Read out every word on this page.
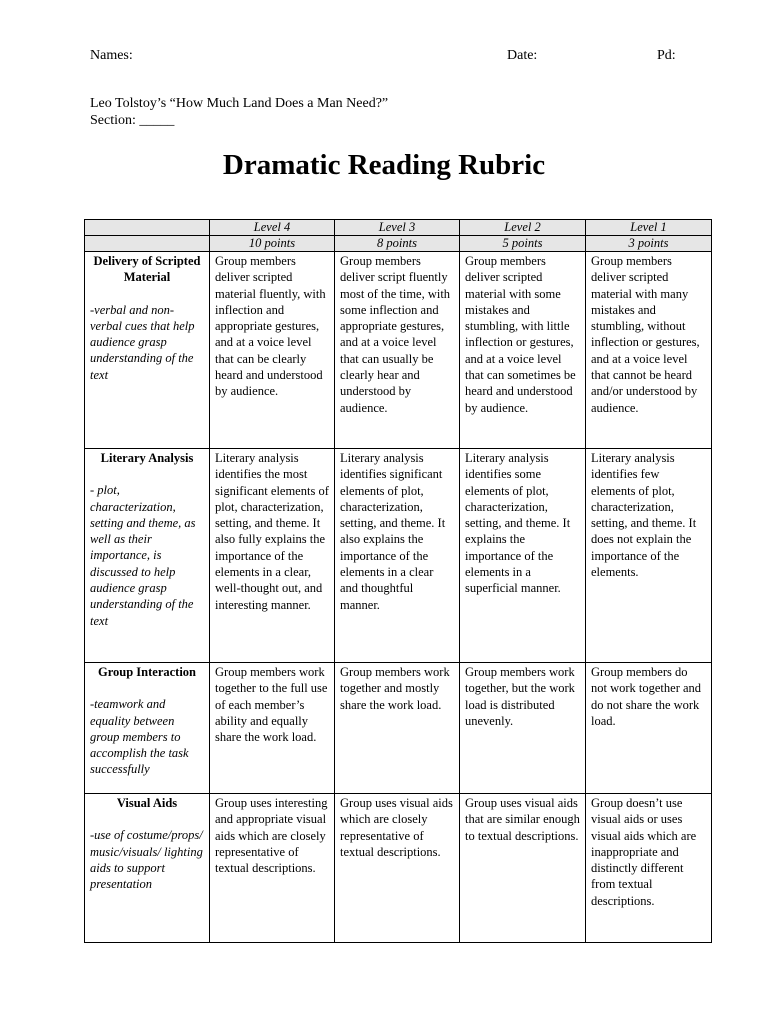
Names:	Date:	Pd:
Leo Tolstoy’s “How Much Land Does a Man Need?”
Section: _____
Dramatic Reading Rubric
	Level 4	Level 3	Level 2	Level 1
	10 points	8 points	5 points	3 points

Delivery of Scripted Material
-verbal and non-verbal cues that help audience grasp understanding of the text	Group members deliver scripted material fluently, with inflection and appropriate gestures, and at a voice level that can be clearly heard and understood by audience.	Group members deliver script fluently most of the time, with some inflection and appropriate gestures, and at a voice level that can usually be clearly hear and understood by audience.	Group members deliver scripted material with some mistakes and stumbling, with little inflection or gestures, and at a voice level that can sometimes be heard and understood by audience.	Group members deliver scripted material with many mistakes and stumbling, without inflection or gestures, and at a voice level that cannot be heard and/or understood by audience.

Literary Analysis
- plot, characterization, setting and theme, as well as their importance, is discussed to help audience grasp understanding of the text	Literary analysis identifies the most significant elements of plot, characterization, setting, and theme. It also fully explains the importance of the elements in a clear, well-thought out, and interesting manner.	Literary analysis identifies significant elements of plot, characterization, setting, and theme. It also explains the importance of the elements in a clear and thoughtful manner.	Literary analysis identifies some elements of plot, characterization, setting, and theme. It explains the importance of the elements in a superficial manner.	Literary analysis identifies few elements of plot, characterization, setting, and theme. It does not explain the importance of the elements.

Group Interaction
-teamwork and equality between group members to accomplish the task successfully	Group members work together to the full use of each member’s ability and equally share the work load.	Group members work together and mostly share the work load.	Group members work together, but the work load is distributed unevenly.	Group members do not work together and do not share the work load.

Visual Aids
-use of costume/props/ music/visuals/ lighting aids to support presentation	Group uses interesting and appropriate visual aids which are closely representative of textual descriptions.	Group uses visual aids which are closely representative of textual descriptions.	Group uses visual aids that are similar enough to textual descriptions.	Group doesn’t use visual aids or uses visual aids which are inappropriate and distinctly different from textual descriptions.
